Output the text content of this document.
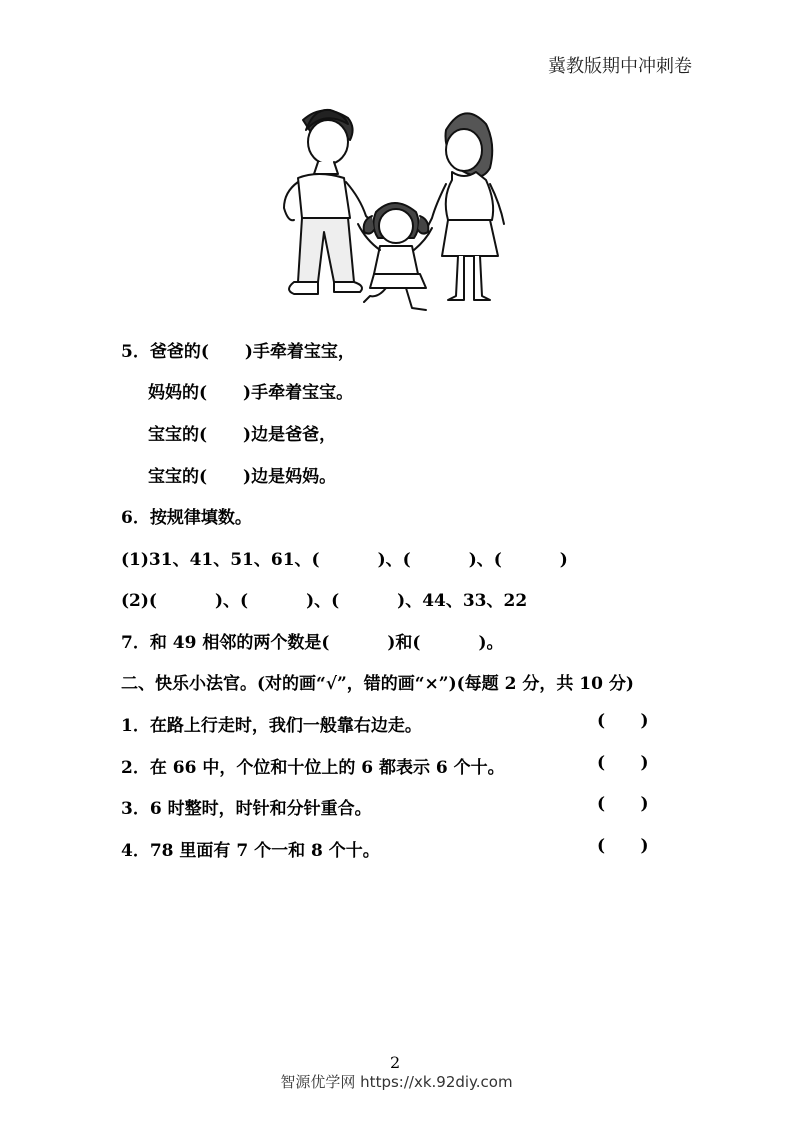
冀教版期中冲刺卷
5．爸爸的( )手牵着宝宝，
妈妈的( )手牵着宝宝。
宝宝的( )边是爸爸，
宝宝的( )边是妈妈。
6．按规律填数。
(1)31、41、51、61、(	)、(	)、(	)
(2)(	)、(	)、(	)、44、33、22
7．和 49 相邻的两个数是(	)和(	)。
二、快乐小法官。(对的画“√”，错的画“×”)(每题 2 分，共 10 分)
1．在路上行走时，我们一般靠右边走。	(      )
2．在 66 中，个位和十位上的 6 都表示 6 个十。	(      )
3．6 时整时，时针和分针重合。	(      )
4．78 里面有 7 个一和 8 个十。	(      )
2
智源优学网 https://xk.92diy.com
